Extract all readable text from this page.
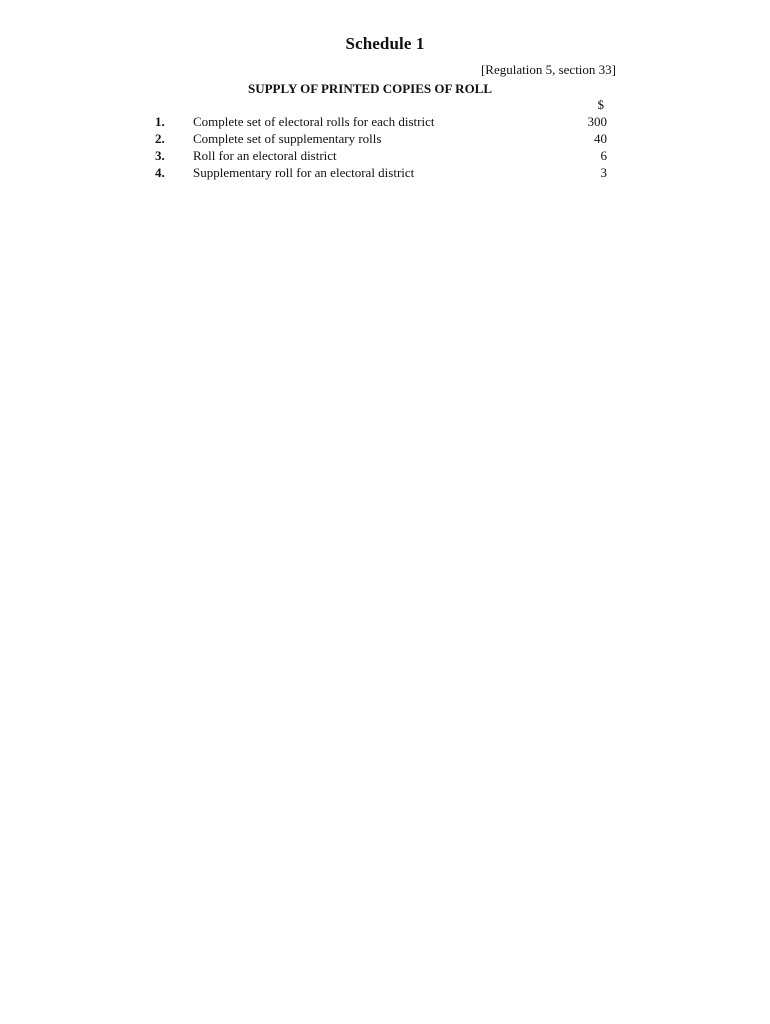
Schedule 1
[Regulation 5, section 33]
SUPPLY OF PRINTED COPIES OF ROLL
$
1. Complete set of electoral rolls for each district	300
2. Complete set of supplementary rolls	40
3. Roll for an electoral district	6
4. Supplementary roll for an electoral district	3
